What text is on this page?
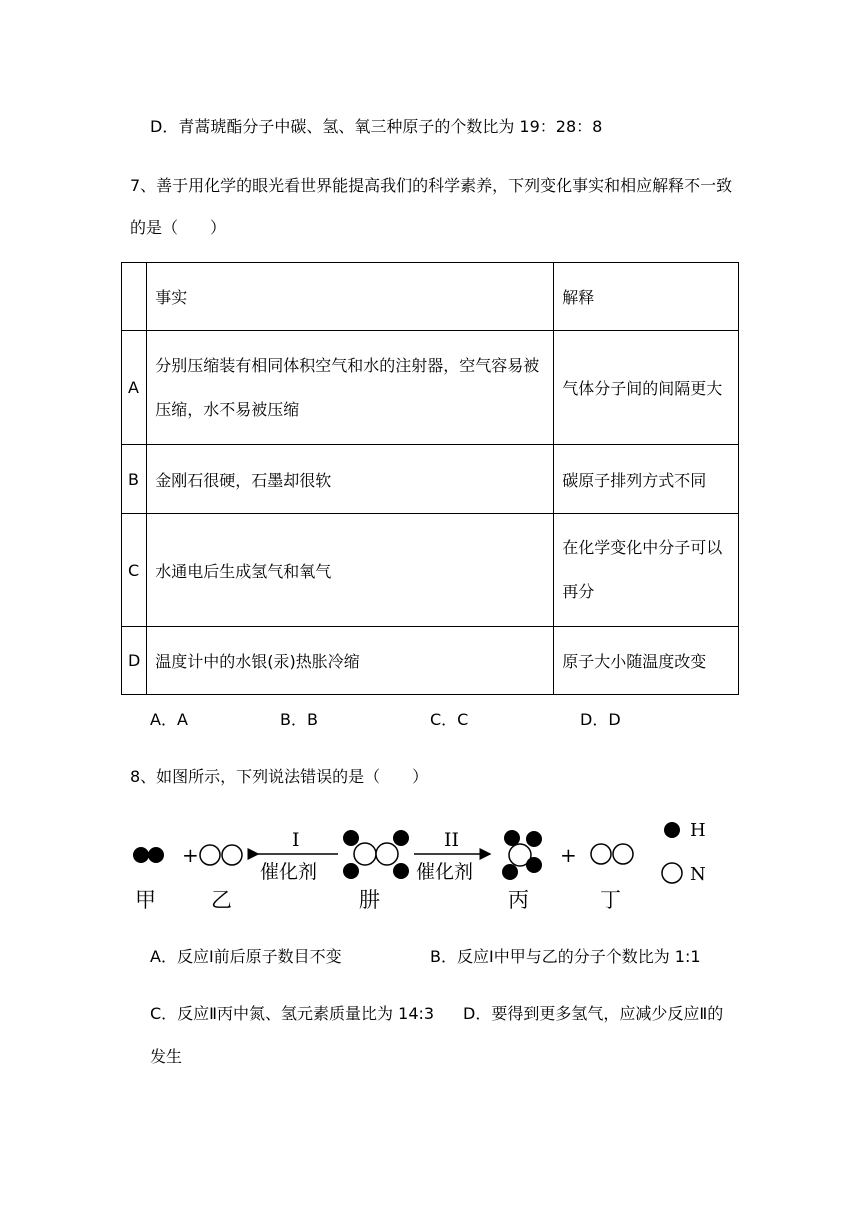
D．青蒿琥酯分子中碳、氢、氧三种原子的个数比为 19：28：8
7、善于用化学的眼光看世界能提高我们的科学素养，下列变化事实和相应解释不一致
的是（　　）
	事实	解释
A	分别压缩装有相同体积空气和水的注射器，空气容易被
压缩，水不易被压缩	气体分子间的间隔更大

B	金刚石很硬，石墨却很软	碳原子排列方式不同

C	水通电后生成氢气和氧气	在化学变化中分子可以
再分

D	温度计中的水银(汞)热胀冷缩	原子大小随温度改变
A．A	B．B	C．C	D．D
8、如图所示，下列说法错误的是（　　）
+
I
催化剂
II
催化剂
+
H
N
甲	乙	肼	丙	丁
A．反应Ⅰ前后原子数目不变	B．反应Ⅰ中甲与乙的分子个数比为 1:1
C．反应Ⅱ丙中氮、氢元素质量比为 14:3 D．要得到更多氢气，应减少反应Ⅱ的
发生
